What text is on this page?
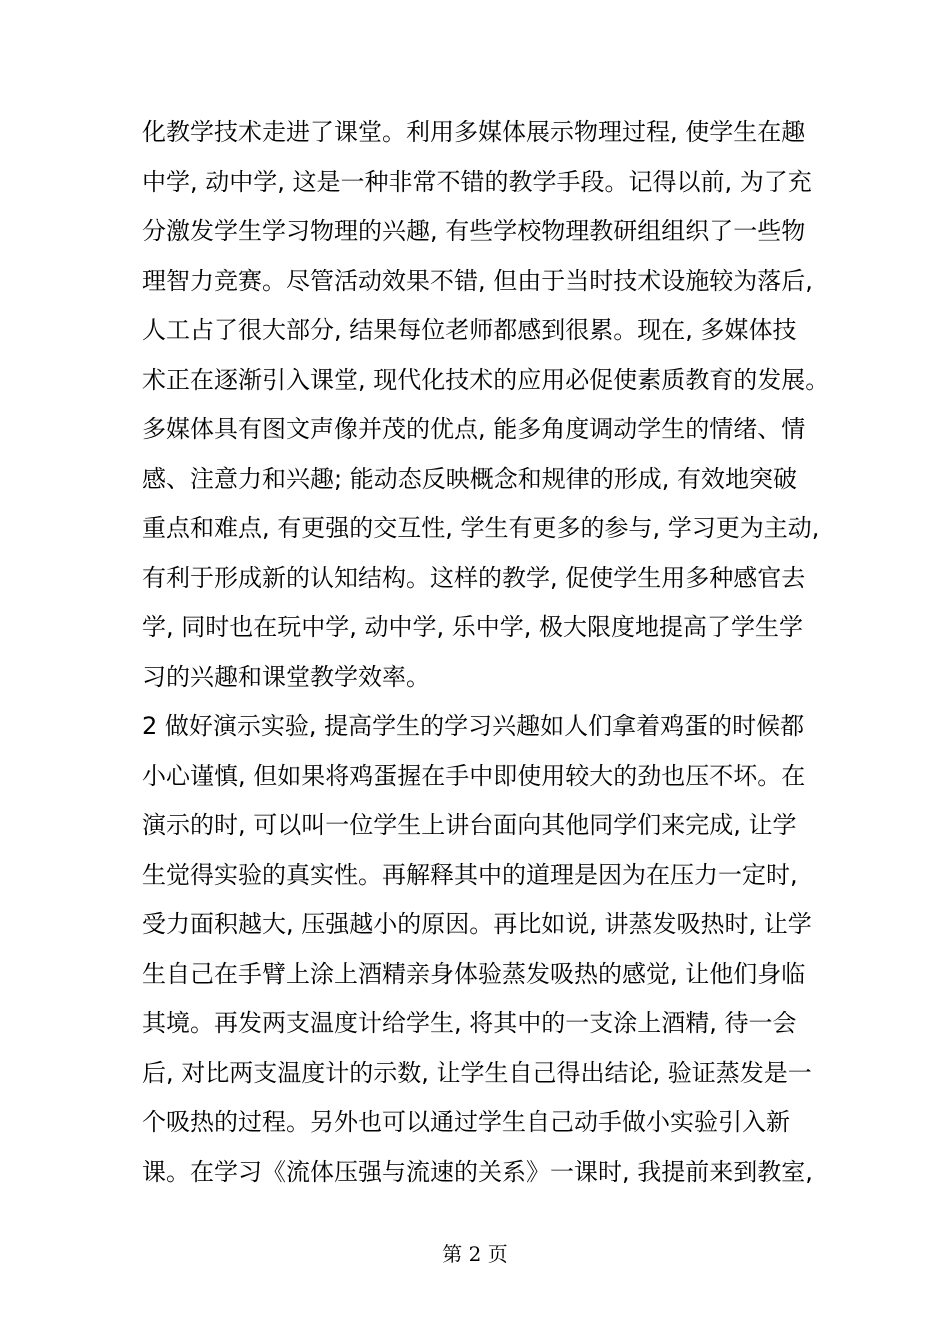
化教学技术走进了课堂。利用多媒体展示物理过程, 使学生在趣
中学, 动中学, 这是一种非常不错的教学手段。记得以前, 为了充
分激发学生学习物理的兴趣, 有些学校物理教研组组织了一些物
理智力竞赛。尽管活动效果不错, 但由于当时技术设施较为落后,
人工占了很大部分, 结果每位老师都感到很累。现在, 多媒体技
术正在逐渐引入课堂, 现代化技术的应用必促使素质教育的发展。
多媒体具有图文声像并茂的优点, 能多角度调动学生的情绪、情
感、注意力和兴趣; 能动态反映概念和规律的形成, 有效地突破
重点和难点, 有更强的交互性, 学生有更多的参与, 学习更为主动,
有利于形成新的认知结构。这样的教学, 促使学生用多种感官去
学, 同时也在玩中学, 动中学, 乐中学, 极大限度地提高了学生学
习的兴趣和课堂教学效率。
2 做好演示实验, 提高学生的学习兴趣如人们拿着鸡蛋的时候都
小心谨慎, 但如果将鸡蛋握在手中即使用较大的劲也压不坏。在
演示的时, 可以叫一位学生上讲台面向其他同学们来完成, 让学
生觉得实验的真实性。再解释其中的道理是因为在压力一定时,
受力面积越大, 压强越小的原因。再比如说, 讲蒸发吸热时, 让学
生自己在手臂上涂上酒精亲身体验蒸发吸热的感觉, 让他们身临
其境。再发两支温度计给学生, 将其中的一支涂上酒精, 待一会
后, 对比两支温度计的示数, 让学生自己得出结论, 验证蒸发是一
个吸热的过程。另外也可以通过学生自己动手做小实验引入新
课。在学习《流体压强与流速的关系》一课时, 我提前来到教室,
第 2 页
